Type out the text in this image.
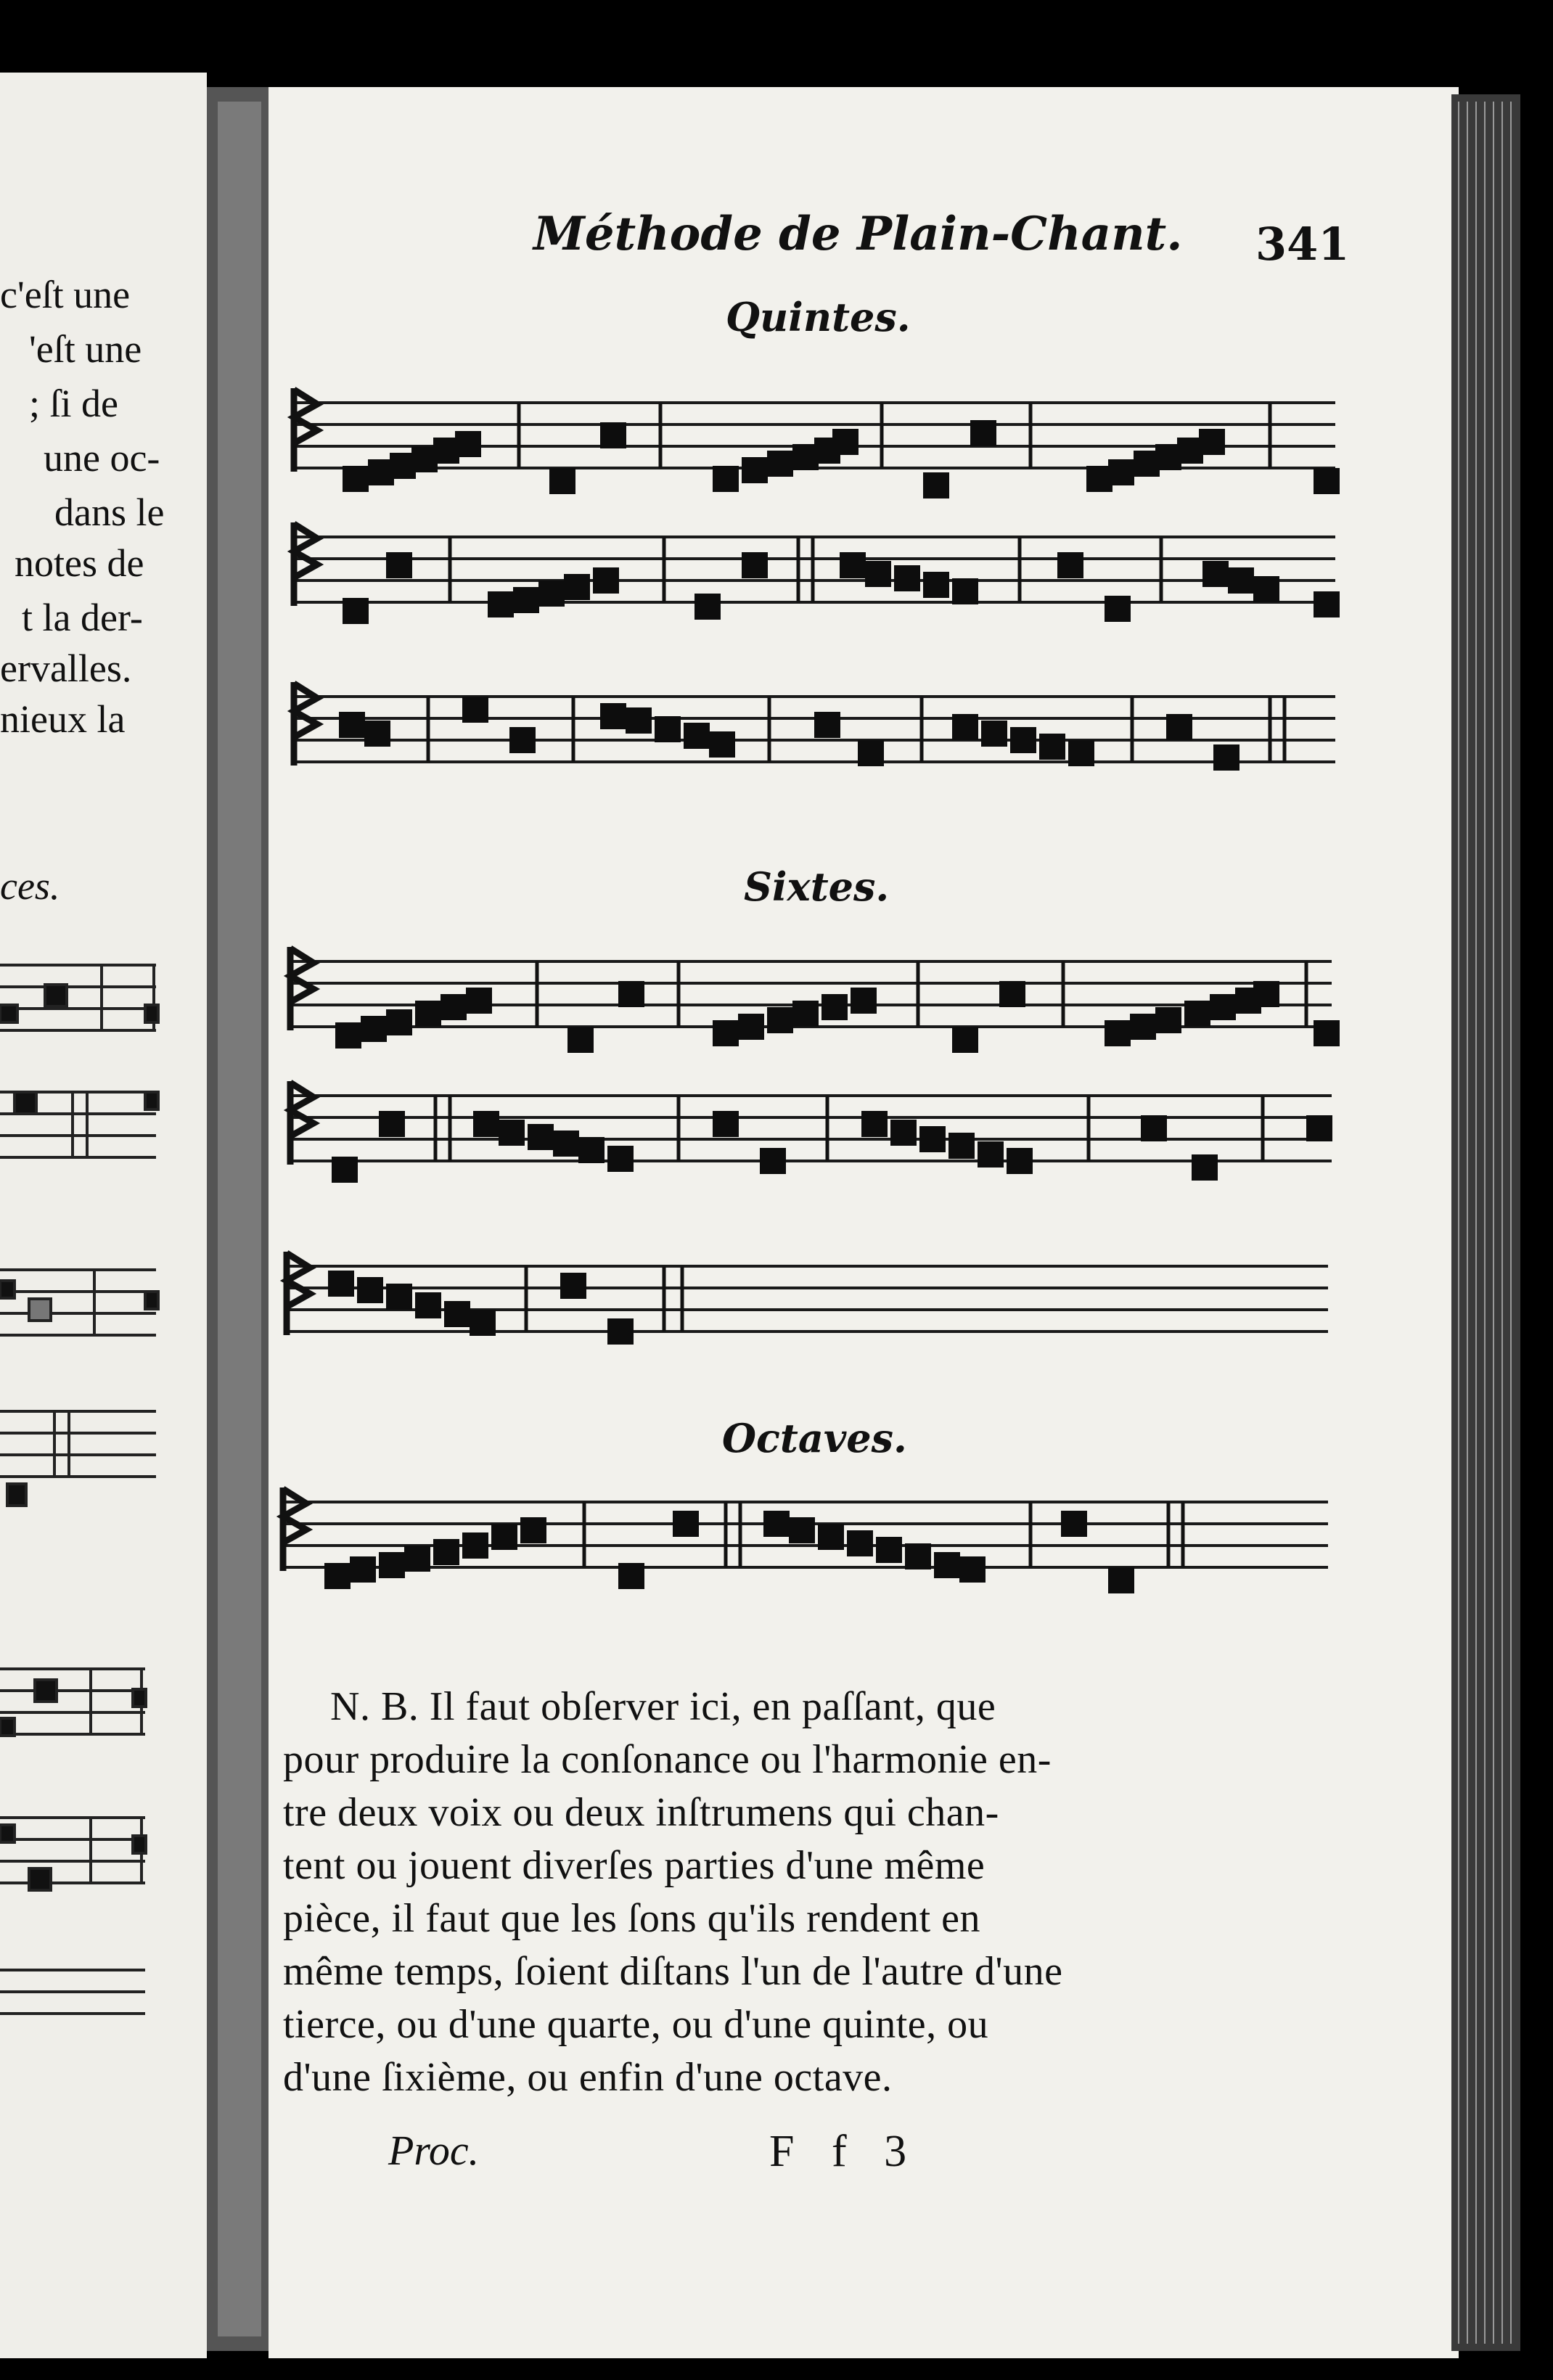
c'eſt une
'eſt une
; ſi de
une oc-
dans le
notes de
t la der-
ervalles.
nieux la
ces.
Méthode de Plain-Chant. 341
Quintes.
Sixtes.
Octaves.
N. B. Il faut obſerver ici, en paſſant, que
pour produire la conſonance ou l'harmonie en-
tre deux voix ou deux inſtrumens qui chan-
tent ou jouent diverſes parties d'une même
pièce, il faut que les ſons qu'ils rendent en
même temps, ſoient diſtans l'un de l'autre d'une
tierce, ou d'une quarte, ou d'une quinte, ou
d'une ſixième, ou enfin d'une octave.
Proc.	F f 3
